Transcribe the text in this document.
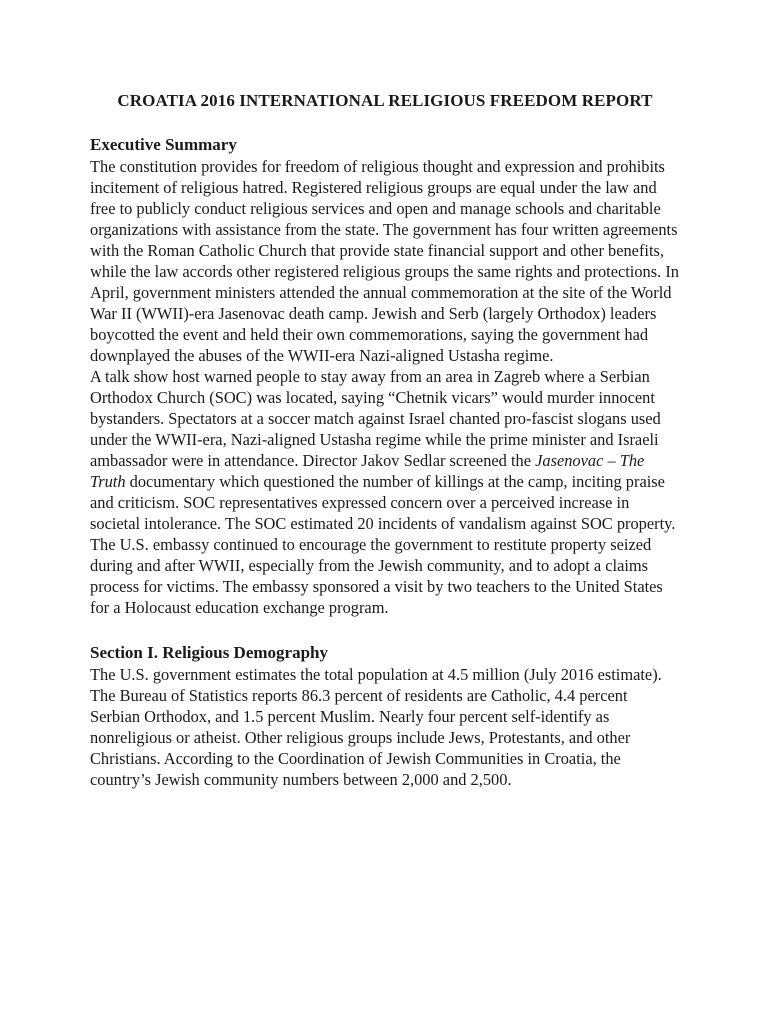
CROATIA 2016 INTERNATIONAL RELIGIOUS FREEDOM REPORT
Executive Summary

The constitution provides for freedom of religious thought and expression and prohibits incitement of religious hatred. Registered religious groups are equal under the law and free to publicly conduct religious services and open and manage schools and charitable organizations with assistance from the state. The government has four written agreements with the Roman Catholic Church that provide state financial support and other benefits, while the law accords other registered religious groups the same rights and protections. In April, government ministers attended the annual commemoration at the site of the World War II (WWII)-era Jasenovac death camp. Jewish and Serb (largely Orthodox) leaders boycotted the event and held their own commemorations, saying the government had downplayed the abuses of the WWII-era Nazi-aligned Ustasha regime.

A talk show host warned people to stay away from an area in Zagreb where a Serbian Orthodox Church (SOC) was located, saying “Chetnik vicars” would murder innocent bystanders. Spectators at a soccer match against Israel chanted pro-fascist slogans used under the WWII-era, Nazi-aligned Ustasha regime while the prime minister and Israeli ambassador were in attendance. Director Jakov Sedlar screened the Jasenovac – The Truth documentary which questioned the number of killings at the camp, inciting praise and criticism. SOC representatives expressed concern over a perceived increase in societal intolerance. The SOC estimated 20 incidents of vandalism against SOC property.

The U.S. embassy continued to encourage the government to restitute property seized during and after WWII, especially from the Jewish community, and to adopt a claims process for victims. The embassy sponsored a visit by two teachers to the United States for a Holocaust education exchange program.

Section I. Religious Demography

The U.S. government estimates the total population at 4.5 million (July 2016 estimate). The Bureau of Statistics reports 86.3 percent of residents are Catholic, 4.4 percent Serbian Orthodox, and 1.5 percent Muslim. Nearly four percent self-identify as nonreligious or atheist. Other religious groups include Jews, Protestants, and other Christians. According to the Coordination of Jewish Communities in Croatia, the country’s Jewish community numbers between 2,000 and 2,500.
